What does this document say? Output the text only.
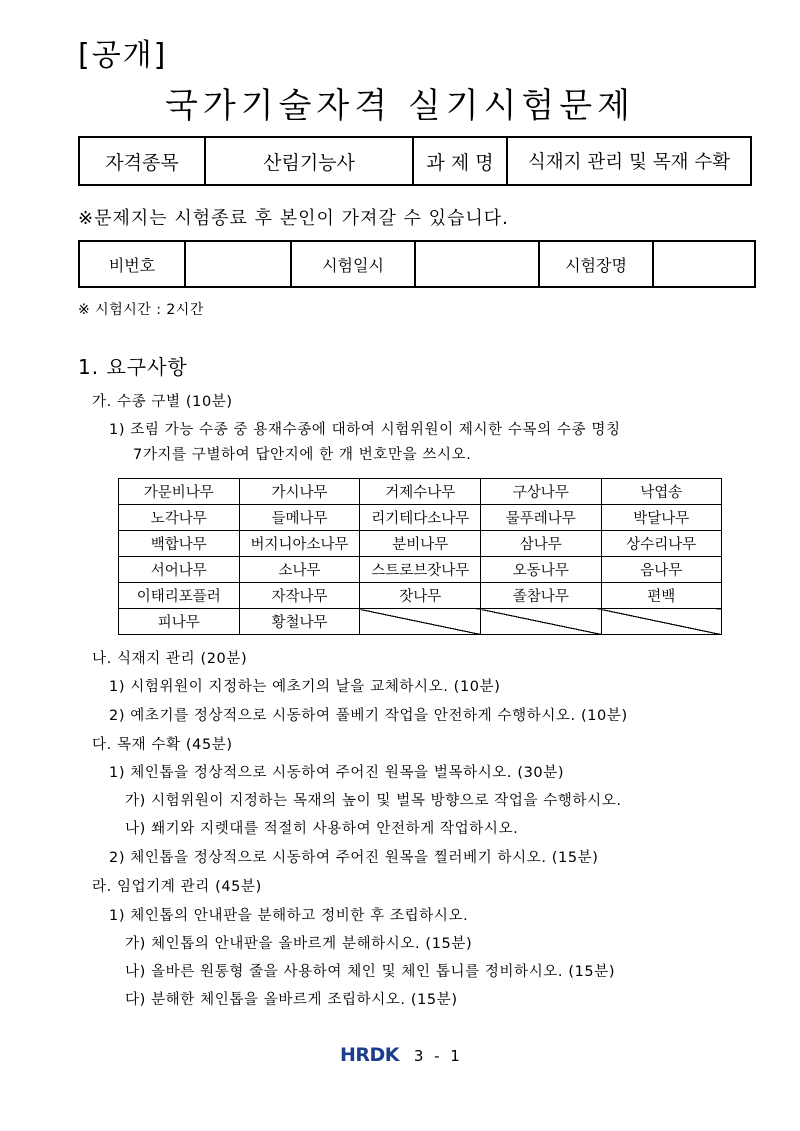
[공개]
국가기술자격 실기시험문제
자격종목	산림기능사	과 제 명	식재지 관리 및 목재 수확
※문제지는 시험종료 후 본인이 가져갈 수 있습니다.
비번호		시험일시		시험장명	
※ 시험시간 : 2시간
1. 요구사항
가. 수종 구별 (10분)
1) 조림 가능 수종 중 용재수종에 대하여 시험위원이 제시한 수목의 수종 명칭
7가지를 구별하여 답안지에 한 개 번호만을 쓰시오.
가문비나무	가시나무	거제수나무	구상나무	낙엽송
노각나무	들메나무	리기테다소나무	물푸레나무	박달나무
백합나무	버지니아소나무	분비나무	삼나무	상수리나무
서어나무	소나무	스트로브잣나무	오동나무	음나무
이태리포플러	자작나무	잣나무	졸참나무	편백
피나무	황철나무			
나. 식재지 관리 (20분)
1) 시험위원이 지정하는 예초기의 날을 교체하시오. (10분)
2) 예초기를 정상적으로 시동하여 풀베기 작업을 안전하게 수행하시오. (10분)
다. 목재 수확 (45분)
1) 체인톱을 정상적으로 시동하여 주어진 원목을 벌목하시오. (30분)
가) 시험위원이 지정하는 목재의 높이 및 벌목 방향으로 작업을 수행하시오.
나) 쐐기와 지렛대를 적절히 사용하여 안전하게 작업하시오.
2) 체인톱을 정상적으로 시동하여 주어진 원목을 찔러베기 하시오. (15분)
라. 임업기계 관리 (45분)
1) 체인톱의 안내판을 분해하고 정비한 후 조립하시오.
가) 체인톱의 안내판을 올바르게 분해하시오. (15분)
나) 올바른 원통형 줄을 사용하여 체인 및 체인 톱니를 정비하시오. (15분)
다) 분해한 체인톱을 올바르게 조립하시오. (15분)
HRDK 3 - 1
